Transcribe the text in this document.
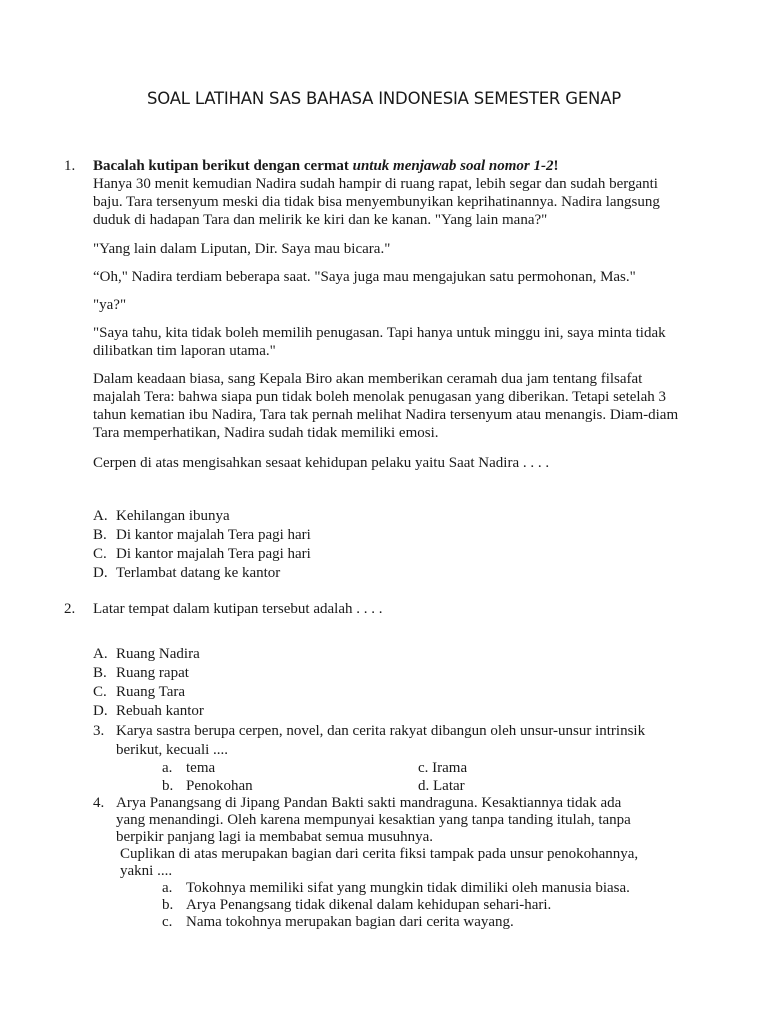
SOAL LATIHAN SAS BAHASA INDONESIA SEMESTER GENAP
1.	Bacalah kutipan berikut dengan cermat untuk menjawab soal nomor 1-2!

Hanya 30 menit kemudian Nadira sudah hampir di ruang rapat, lebih segar dan sudah berganti baju. Tara tersenyum meski dia tidak bisa menyembunyikan keprihatinannya. Nadira langsung duduk di hadapan Tara dan melirik ke kiri dan ke kanan. "Yang lain mana?"

"Yang lain dalam Liputan, Dir. Saya mau bicara."
“Oh," Nadira terdiam beberapa saat. "Saya juga mau mengajukan satu permohonan, Mas."
"ya?"
"Saya tahu, kita tidak boleh memilih penugasan. Tapi hanya untuk minggu ini, saya minta tidak dilibatkan tim laporan utama."
Dalam keadaan biasa, sang Kepala Biro akan memberikan ceramah dua jam tentang filsafat majalah Tera: bahwa siapa pun tidak boleh menolak penugasan yang diberikan. Tetapi setelah 3 tahun kematian ibu Nadira, Tara tak pernah melihat Nadira tersenyum atau menangis. Diam-diam Tara memperhatikan, Nadira sudah tidak memiliki emosi.
Cerpen di atas mengisahkan sesaat kehidupan pelaku yaitu Saat Nadira . . . .
A. Kehilangan ibunya
B. Di kantor majalah Tera pagi hari
C. Di kantor majalah Tera pagi hari
D. Terlambat datang ke kantor
2. Latar tempat dalam kutipan tersebut adalah . . . .
A. Ruang Nadira
B. Ruang rapat
C. Ruang Tara
D. Rebuah kantor
3. Karya sastra berupa cerpen, novel, dan cerita rakyat dibangun oleh unsur-unsur intrinsik
berikut, kecuali ....
a. tema	c. Irama
b. Penokohan	d. Latar
4. Arya Panangsang di Jipang Pandan Bakti sakti mandraguna. Kesaktiannya tidak ada
yang menandingi. Oleh karena mempunyai kesaktian yang tanpa tanding itulah, tanpa
berpikir panjang lagi ia membabat semua musuhnya.
Cuplikan di atas merupakan bagian dari cerita fiksi tampak pada unsur penokohannya,
yakni ....
a. Tokohnya memiliki sifat yang mungkin tidak dimiliki oleh manusia biasa.
b. Arya Penangsang tidak dikenal dalam kehidupan sehari-hari.
c. Nama tokohnya merupakan bagian dari cerita wayang.
